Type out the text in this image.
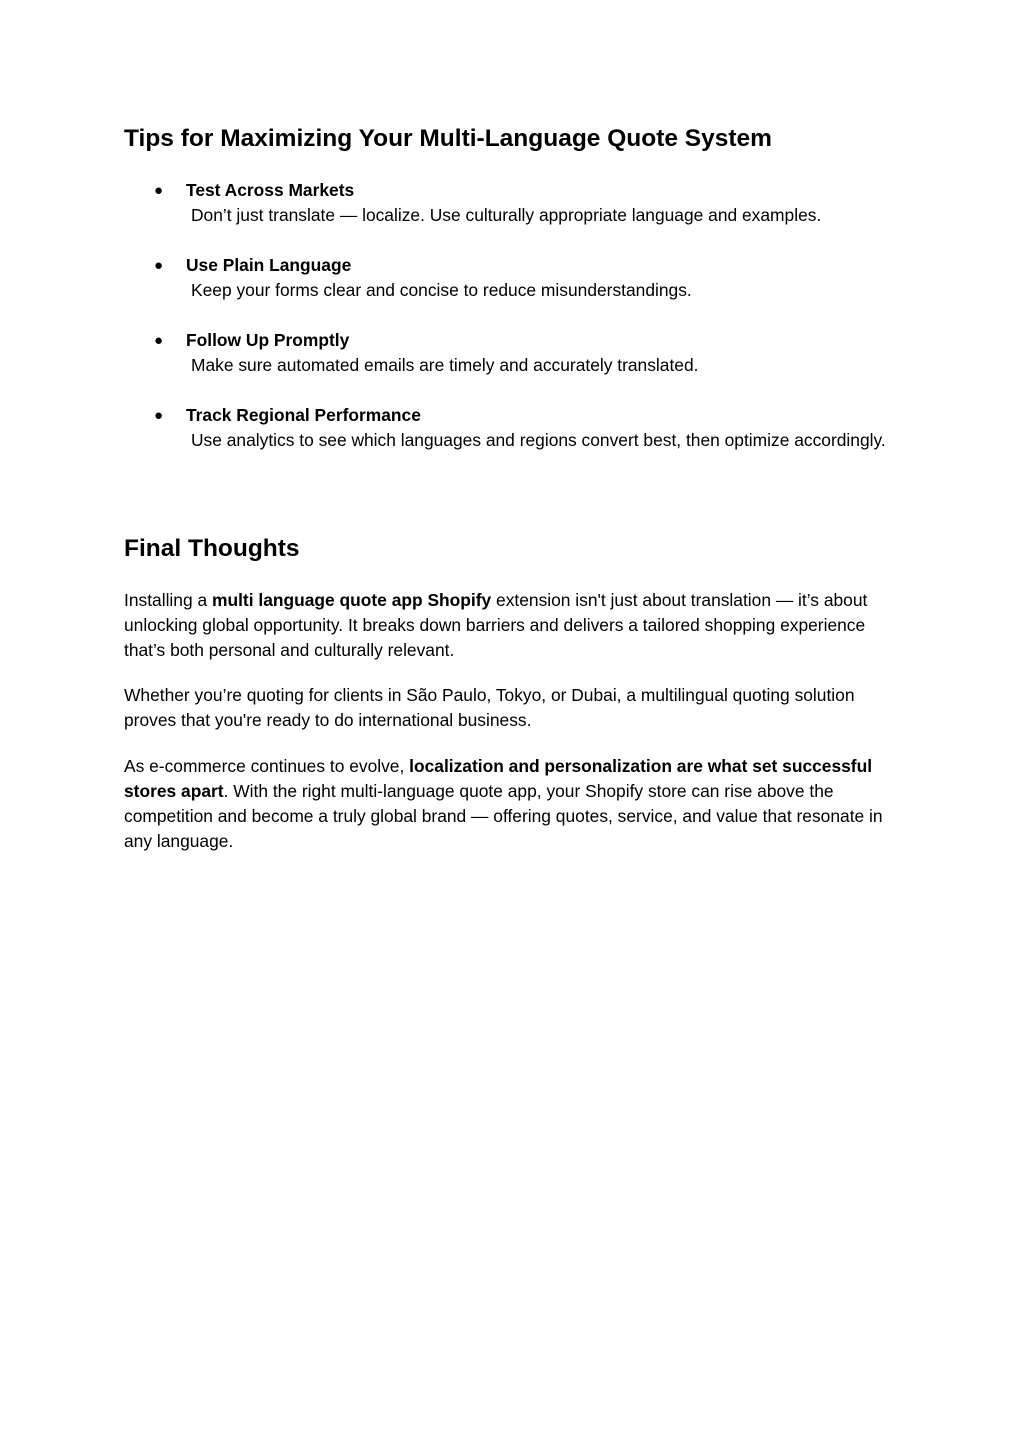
Tips for Maximizing Your Multi-Language Quote System
● Test Across Markets
Don’t just translate — localize. Use culturally appropriate language and examples.
● Use Plain Language
Keep your forms clear and concise to reduce misunderstandings.
● Follow Up Promptly
Make sure automated emails are timely and accurately translated.
● Track Regional Performance
Use analytics to see which languages and regions convert best, then optimize accordingly.
Final Thoughts

Installing a multi language quote app Shopify extension isn't just about translation — it’s about unlocking global opportunity. It breaks down barriers and delivers a tailored shopping experience that’s both personal and culturally relevant.

Whether you’re quoting for clients in São Paulo, Tokyo, or Dubai, a multilingual quoting solution proves that you're ready to do international business.

As e-commerce continues to evolve, localization and personalization are what set successful stores apart. With the right multi-language quote app, your Shopify store can rise above the competition and become a truly global brand — offering quotes, service, and value that resonate in any language.
